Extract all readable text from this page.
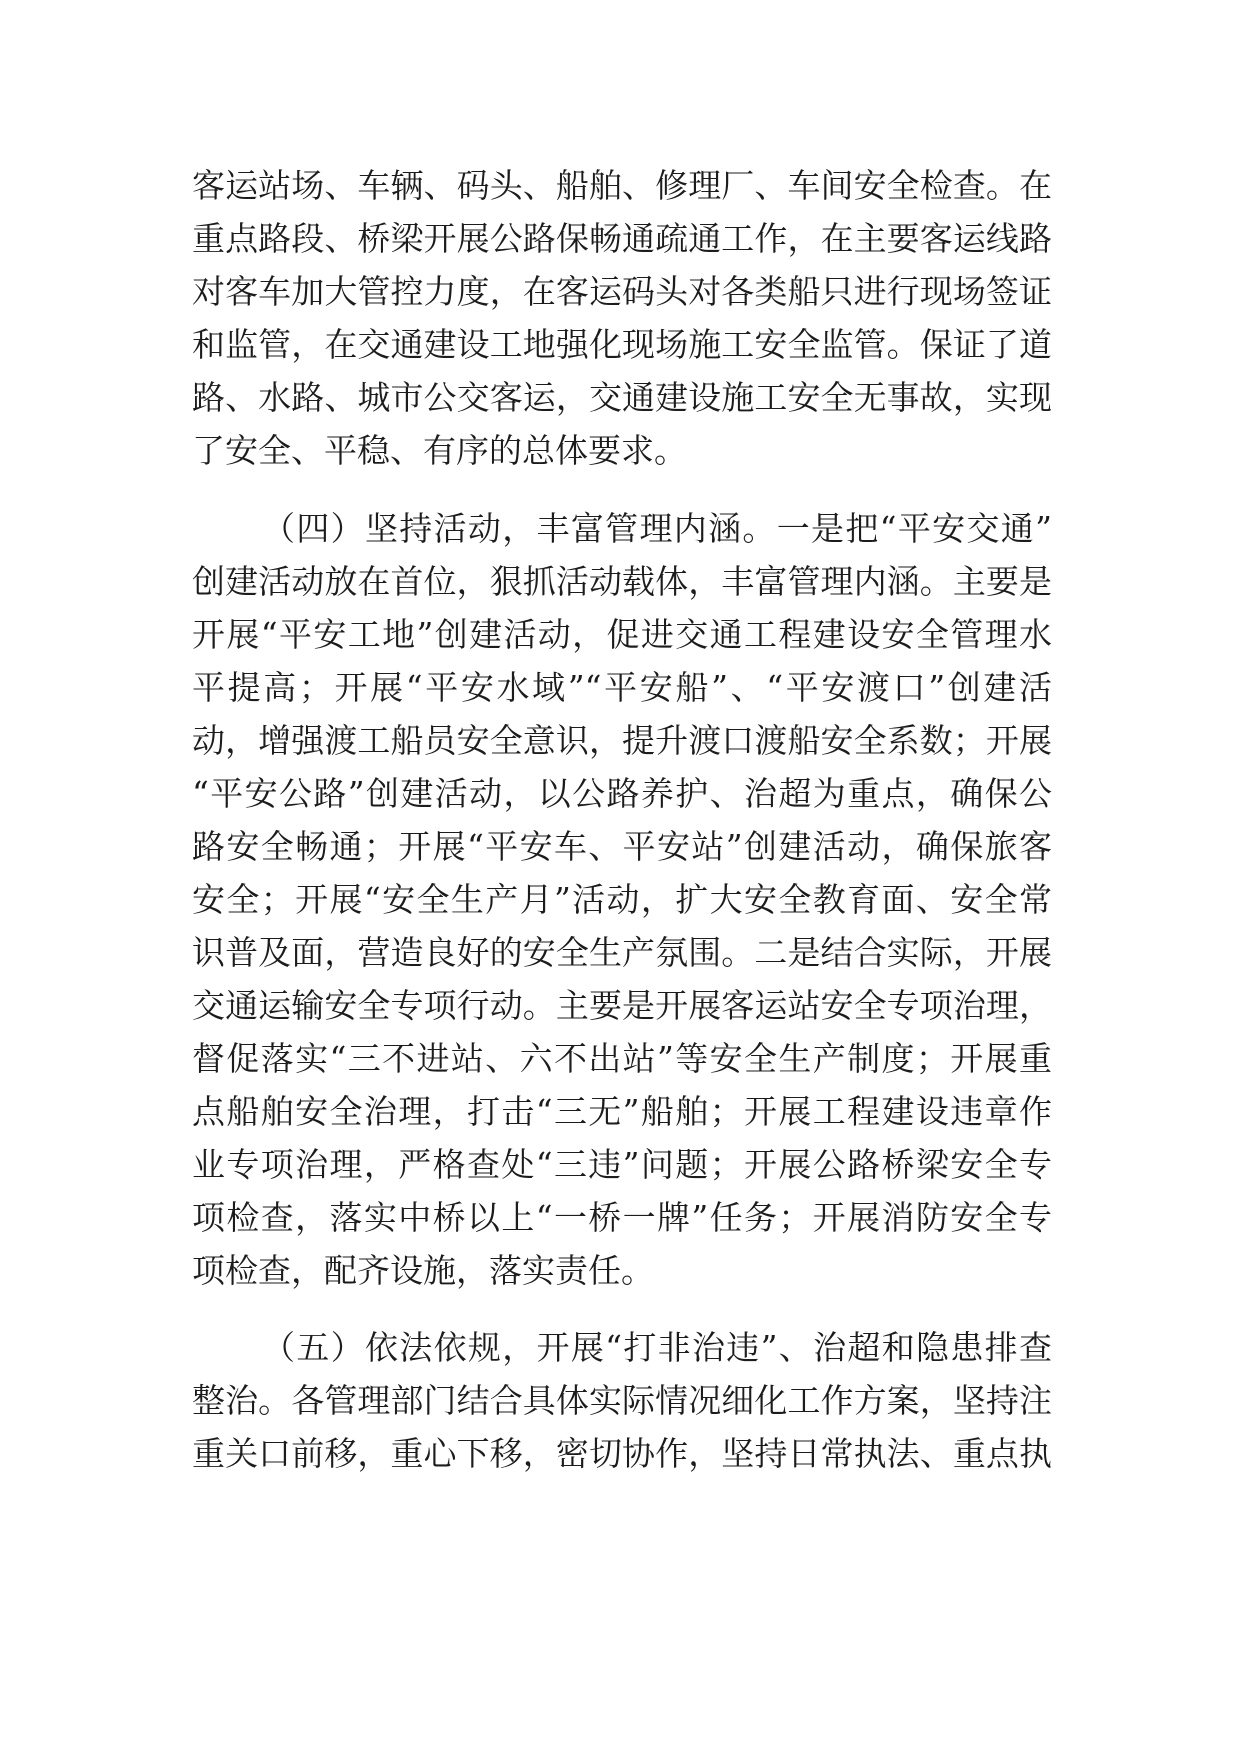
客运站场、车辆、码头、船舶、修理厂、车间安全检查。在
重点路段、桥梁开展公路保畅通疏通工作，在主要客运线路
对客车加大管控力度，在客运码头对各类船只进行现场签证
和监管，在交通建设工地强化现场施工安全监管。保证了道
路、水路、城市公交客运，交通建设施工安全无事故，实现
了安全、平稳、有序的总体要求。
（四）坚持活动，丰富管理内涵。一是把“平安交通”
创建活动放在首位，狠抓活动载体，丰富管理内涵。主要是
开展“平安工地”创建活动，促进交通工程建设安全管理水
平提高；开展“平安水域”“平安船”、“平安渡口”创建活
动，增强渡工船员安全意识，提升渡口渡船安全系数；开展
“平安公路”创建活动，以公路养护、治超为重点，确保公
路安全畅通；开展“平安车、平安站”创建活动，确保旅客
安全；开展“安全生产月”活动，扩大安全教育面、安全常
识普及面，营造良好的安全生产氛围。二是结合实际，开展
交通运输安全专项行动。主要是开展客运站安全专项治理，
督促落实“三不进站、六不出站”等安全生产制度；开展重
点船舶安全治理，打击“三无”船舶；开展工程建设违章作
业专项治理，严格查处“三违”问题；开展公路桥梁安全专
项检查，落实中桥以上“一桥一牌”任务；开展消防安全专
项检查，配齐设施，落实责任。
（五）依法依规，开展“打非治违”、治超和隐患排查
整治。各管理部门结合具体实际情况细化工作方案，坚持注
重关口前移，重心下移，密切协作，坚持日常执法、重点执
